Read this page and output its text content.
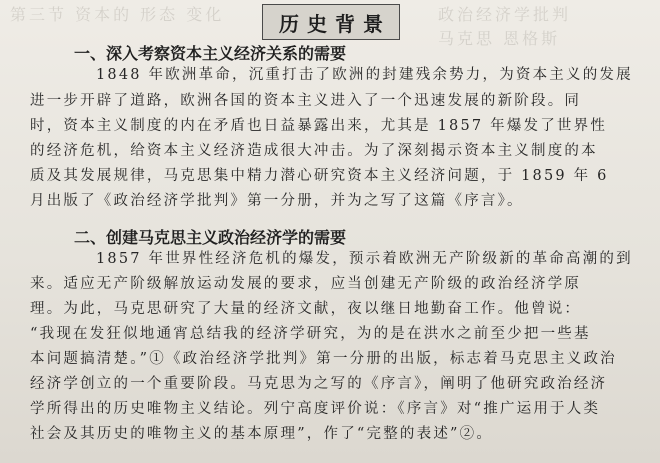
第三节 资本的 形态 变化	政治经济学批判
马克思 恩格斯
历史背景
一、深入考察资本主义经济关系的需要
1848 年欧洲革命，沉重打击了欧洲的封建残余势力，为资本主义的发展
进一步开辟了道路，欧洲各国的资本主义进入了一个迅速发展的新阶段。同
时，资本主义制度的内在矛盾也日益暴露出来，尤其是 1857 年爆发了世界性
的经济危机，给资本主义经济造成很大冲击。为了深刻揭示资本主义制度的本
质及其发展规律，马克思集中精力潜心研究资本主义经济问题，于 1859 年 6
月出版了《政治经济学批判》第一分册，并为之写了这篇《序言》。
二、创建马克思主义政治经济学的需要
1857 年世界性经济危机的爆发，预示着欧洲无产阶级新的革命高潮的到
来。适应无产阶级解放运动发展的要求，应当创建无产阶级的政治经济学原
理。为此，马克思研究了大量的经济文献，夜以继日地勤奋工作。他曾说：
“我现在发狂似地通宵总结我的经济学研究，为的是在洪水之前至少把一些基
本问题搞清楚。”①《政治经济学批判》第一分册的出版，标志着马克思主义政治
经济学创立的一个重要阶段。马克思为之写的《序言》，阐明了他研究政治经济
学所得出的历史唯物主义结论。列宁高度评价说：《序言》对“推广运用于人类
社会及其历史的唯物主义的基本原理”，作了“完整的表述”②。
